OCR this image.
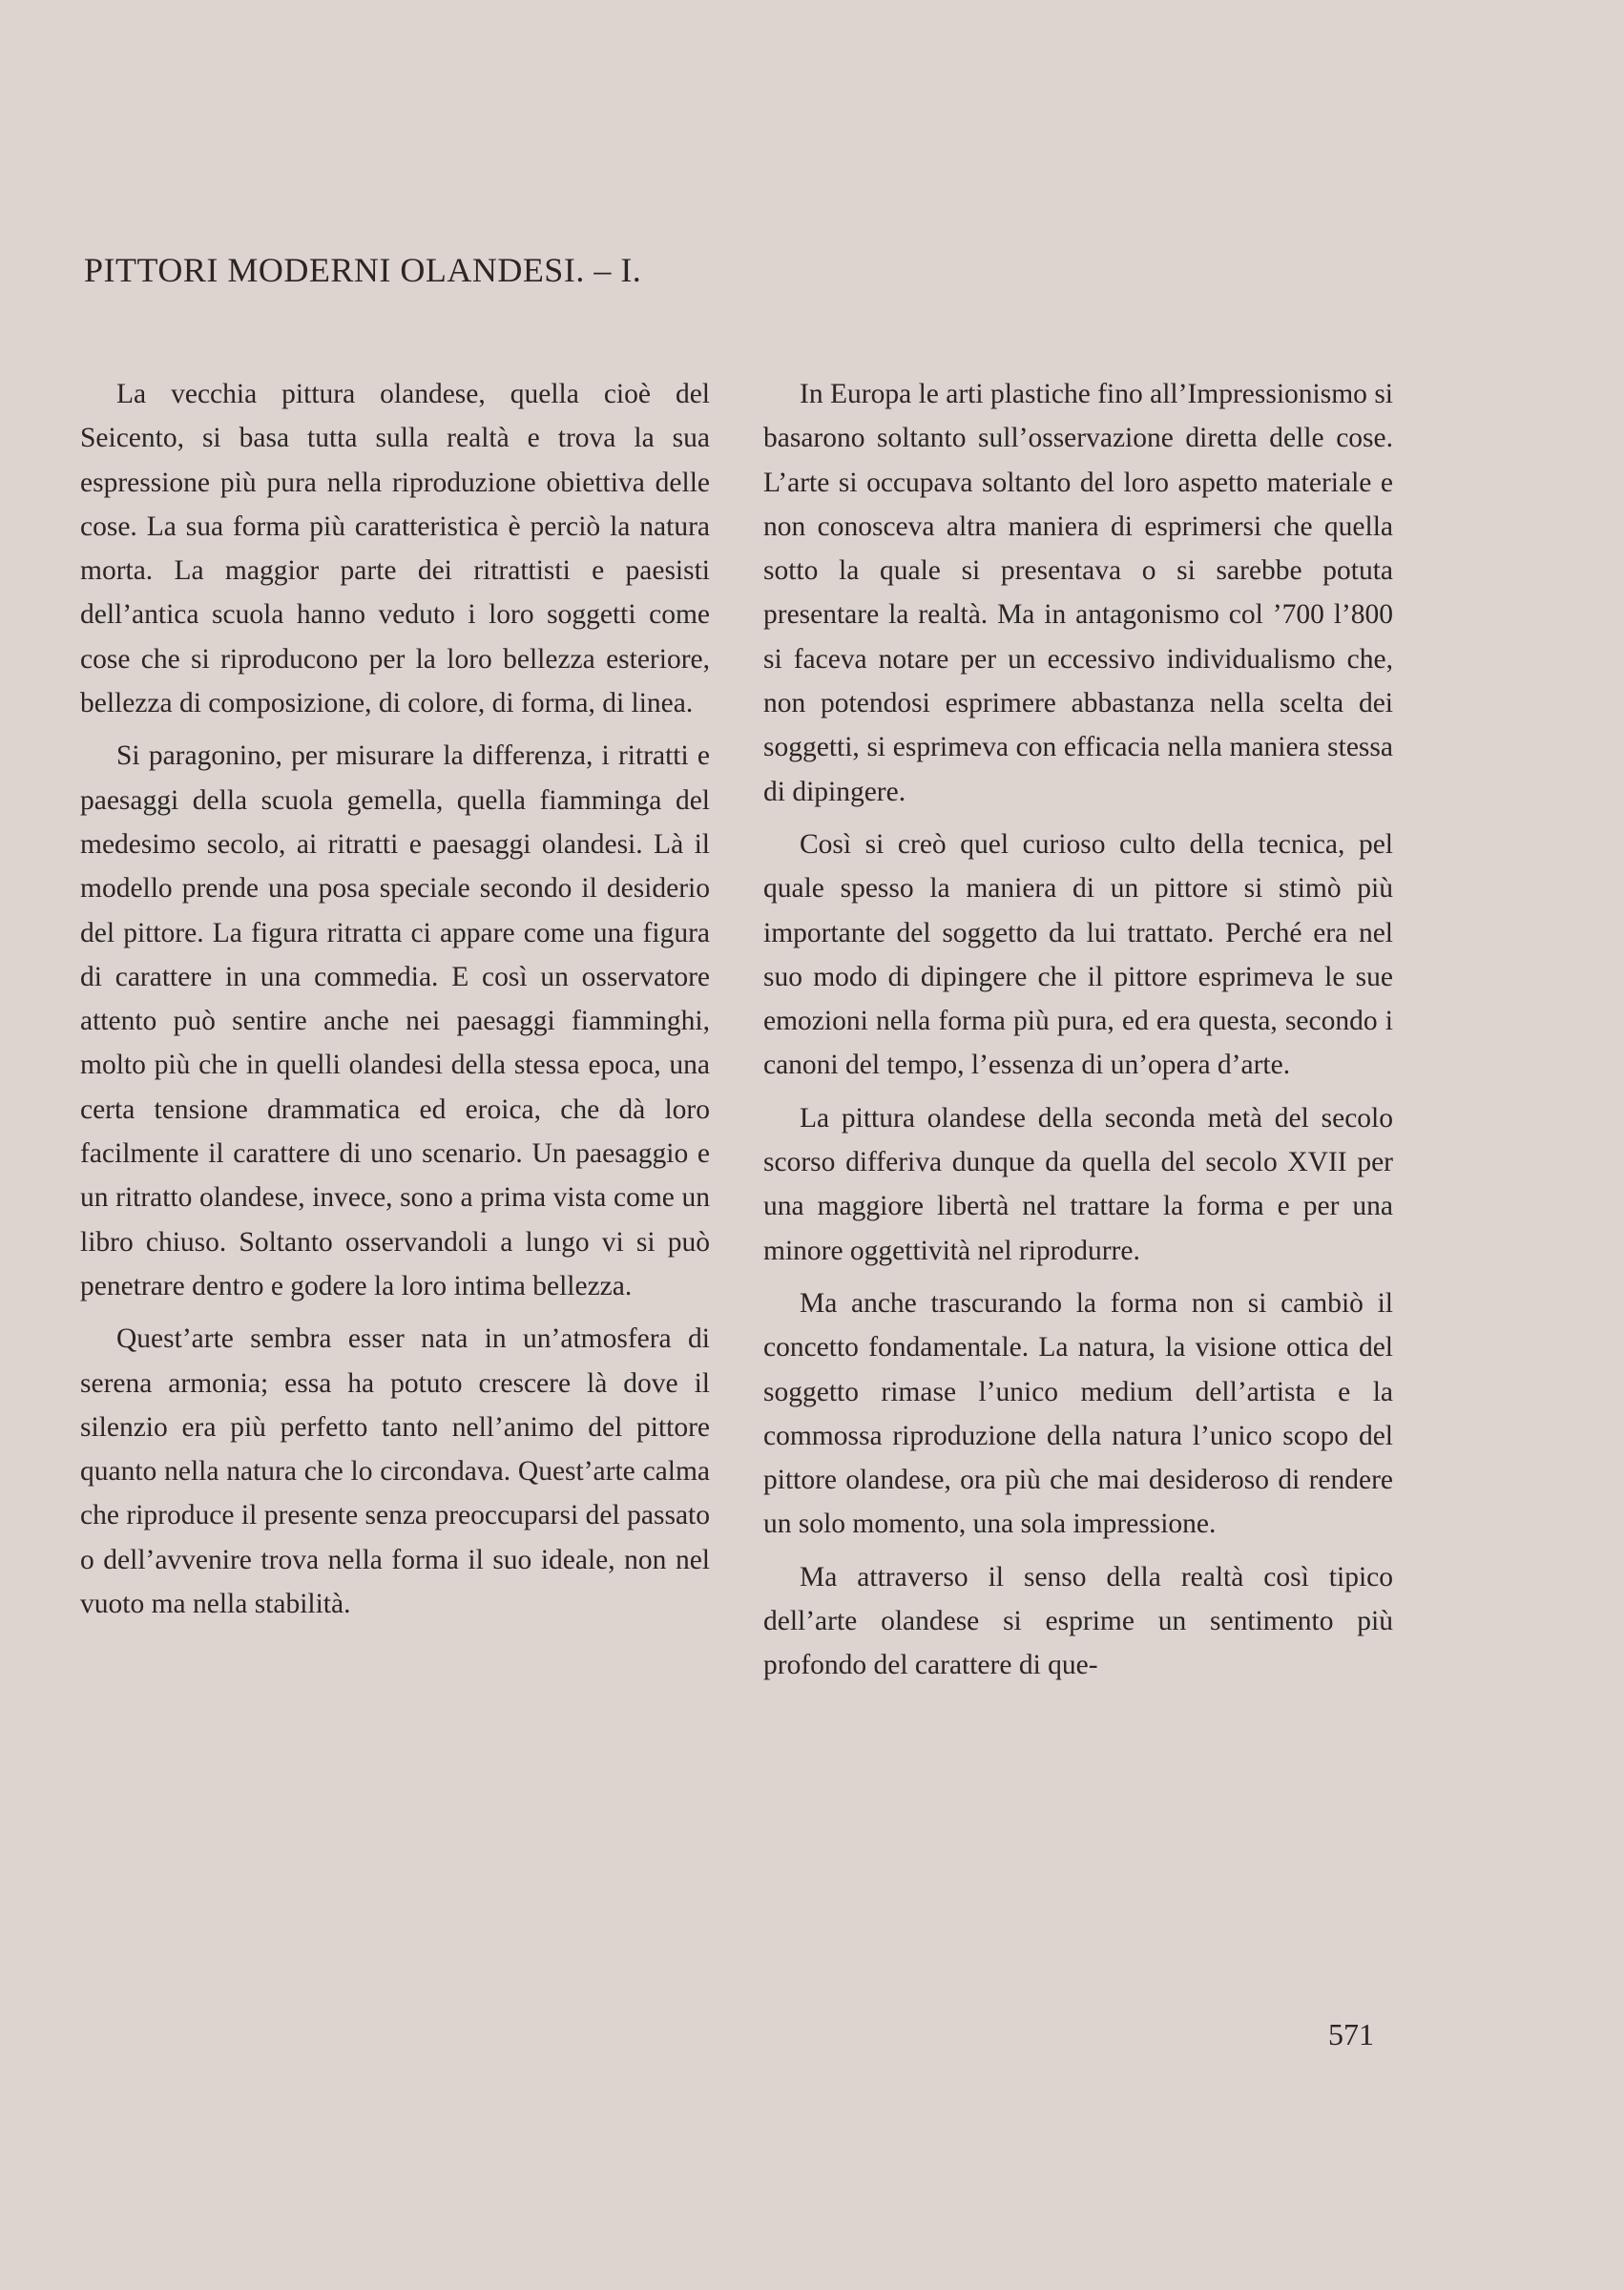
PITTORI MODERNI OLANDESI. – I.

La vecchia pittura olandese, quella cioè del Seicento, si basa tutta sulla realtà e trova la sua espressione più pura nella riproduzione obiettiva delle cose. La sua forma più caratteristica è perciò la natura morta. La maggior parte dei ritrattisti e paesisti dell’antica scuola hanno veduto i loro soggetti come cose che si riproducono per la loro bellezza esteriore, bellezza di composizione, di colore, di forma, di linea.

Si paragonino, per misurare la differenza, i ritratti e paesaggi della scuola gemella, quella fiamminga del medesimo secolo, ai ritratti e paesaggi olandesi. Là il modello prende una posa speciale secondo il desiderio del pittore. La figura ritratta ci appare come una figura di carattere in una commedia. E così un osservatore attento può sentire anche nei paesaggi fiamminghi, molto più che in quelli olandesi della stessa epoca, una certa tensione drammatica ed eroica, che dà loro facilmente il carattere di uno scenario. Un paesaggio e un ritratto olandese, invece, sono a prima vista come un libro chiuso. Soltanto osservandoli a lungo vi si può penetrare dentro e godere la loro intima bellezza.

Quest’arte sembra esser nata in un’atmosfera di serena armonia; essa ha potuto crescere là dove il silenzio era più perfetto tanto nell’animo del pittore quanto nella natura che lo circondava. Quest’arte calma che riproduce il presente senza preoccuparsi del passato o dell’avvenire trova nella forma il suo ideale, non nel vuoto ma nella stabilità.

In Europa le arti plastiche fino all’Impressionismo si basarono soltanto sull’osservazione diretta delle cose. L’arte si occupava soltanto del loro aspetto materiale e non conosceva altra maniera di esprimersi che quella sotto la quale si presentava o si sarebbe potuta presentare la realtà. Ma in antagonismo col ’700 l’800 si faceva notare per un eccessivo individualismo che, non potendosi esprimere abbastanza nella scelta dei soggetti, si esprimeva con efficacia nella maniera stessa di dipingere.

Così si creò quel curioso culto della tecnica, pel quale spesso la maniera di un pittore si stimò più importante del soggetto da lui trattato. Perché era nel suo modo di dipingere che il pittore esprimeva le sue emozioni nella forma più pura, ed era questa, secondo i canoni del tempo, l’essenza di un’opera d’arte.

La pittura olandese della seconda metà del secolo scorso differiva dunque da quella del secolo XVII per una maggiore libertà nel trattare la forma e per una minore oggettività nel riprodurre.

Ma anche trascurando la forma non si cambiò il concetto fondamentale. La natura, la visione ottica del soggetto rimase l’unico medium dell’artista e la commossa riproduzione della natura l’unico scopo del pittore olandese, ora più che mai desideroso di rendere un solo momento, una sola impressione.

Ma attraverso il senso della realtà così tipico dell’arte olandese si esprime un sentimento più profondo del carattere di que-

571
